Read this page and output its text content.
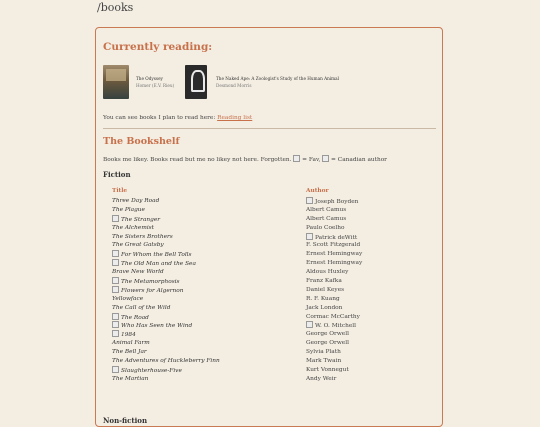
/books
Currently reading:
The Odyssey
Homer (E.V. Rieu)
The Naked Ape: A Zoologist's Study of the Human Animal
Desmond Morris
You can see books I plan to read here: Reading list
The Bookshelf
Books me likey. Books read but me no likey not here. Forgotten.  = Fav,  = Canadian author
Fiction
Title	Author
Three Day Road
The Plague
The Stranger
The Alchemist
The Sisters Brothers
The Great Gatsby
For Whom the Bell Tolls
The Old Man and the Sea
Brave New World
The Metamorphosis
Flowers for Algernon
Yellowface
The Call of the Wild
The Road
Who Has Seen the Wind
1984
Animal Farm
The Bell Jar
The Adventures of Huckleberry Finn
Slaughterhouse-Five
The Martian
Joseph Boyden
Albert Camus
Albert Camus
Paulo Coelho
Patrick deWitt
F. Scott Fitzgerald
Ernest Hemingway
Ernest Hemingway
Aldous Huxley
Franz Kafka
Daniel Keyes
R. F. Kuang
Jack London
Cormac McCarthy
W. O. Mitchell
George Orwell
George Orwell
Sylvia Plath
Mark Twain
Kurt Vonnegut
Andy Weir
Non-fiction
